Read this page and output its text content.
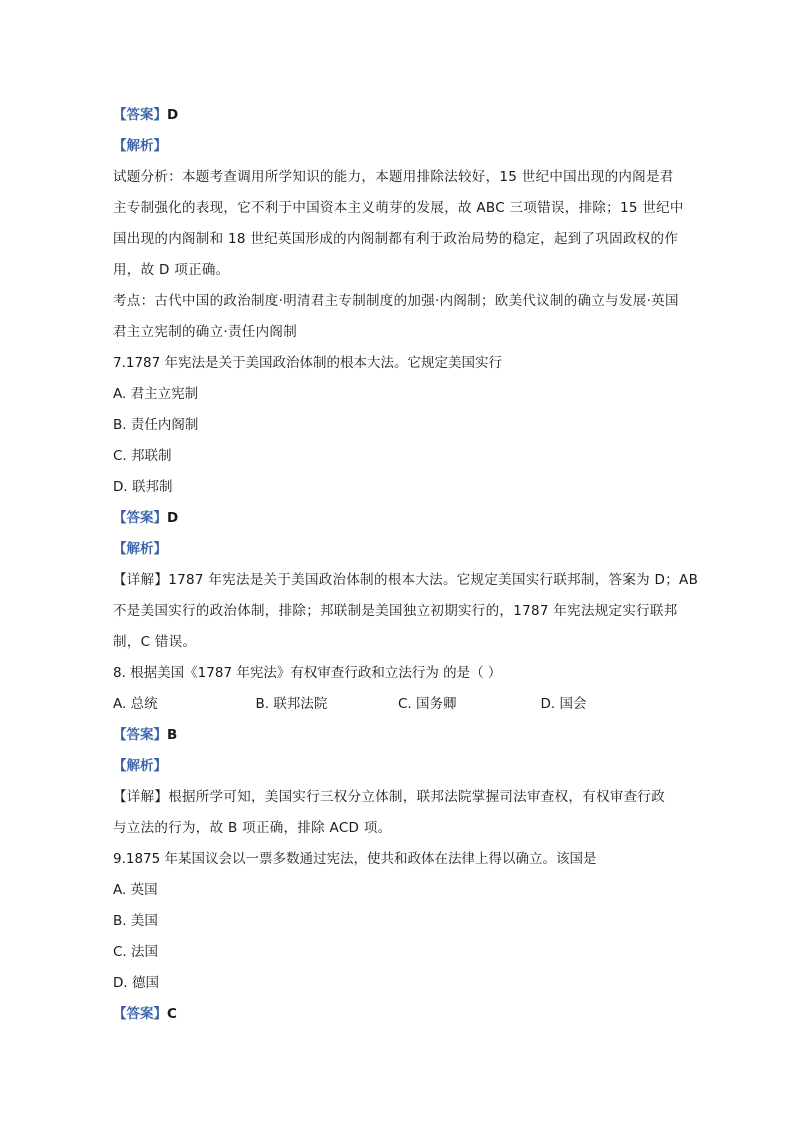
【答案】D
【解析】
试题分析：本题考查调用所学知识的能力，本题用排除法较好，15 世纪中国出现的内阁是君
主专制强化的表现，它不利于中国资本主义萌芽的发展，故 ABC 三项错误，排除；15 世纪中
国出现的内阁制和 18 世纪英国形成的内阁制都有利于政治局势的稳定，起到了巩固政权的作
用，故 D 项正确。
考点：古代中国的政治制度·明清君主专制制度的加强·内阁制；欧美代议制的确立与发展·英国
君主立宪制的确立·责任内阁制
7.1787 年宪法是关于美国政治体制的根本大法。它规定美国实行
A. 君主立宪制
B. 责任内阁制
C. 邦联制
D. 联邦制
【答案】D
【解析】
【详解】1787 年宪法是关于美国政治体制的根本大法。它规定美国实行联邦制，答案为 D；AB
不是美国实行的政治体制，排除；邦联制是美国独立初期实行的，1787 年宪法规定实行联邦
制，C 错误。
8. 根据美国《1787 年宪法》有权审查行政和立法行为 的是（ ）
A. 总统	B. 联邦法院	C. 国务卿	D. 国会
【答案】B
【解析】
【详解】根据所学可知，美国实行三权分立体制，联邦法院掌握司法审查权，有权审查行政
与立法的行为，故 B 项正确，排除 ACD 项。
9.1875 年某国议会以一票多数通过宪法，使共和政体在法律上得以确立。该国是
A. 英国
B. 美国
C. 法国
D. 德国
【答案】C
